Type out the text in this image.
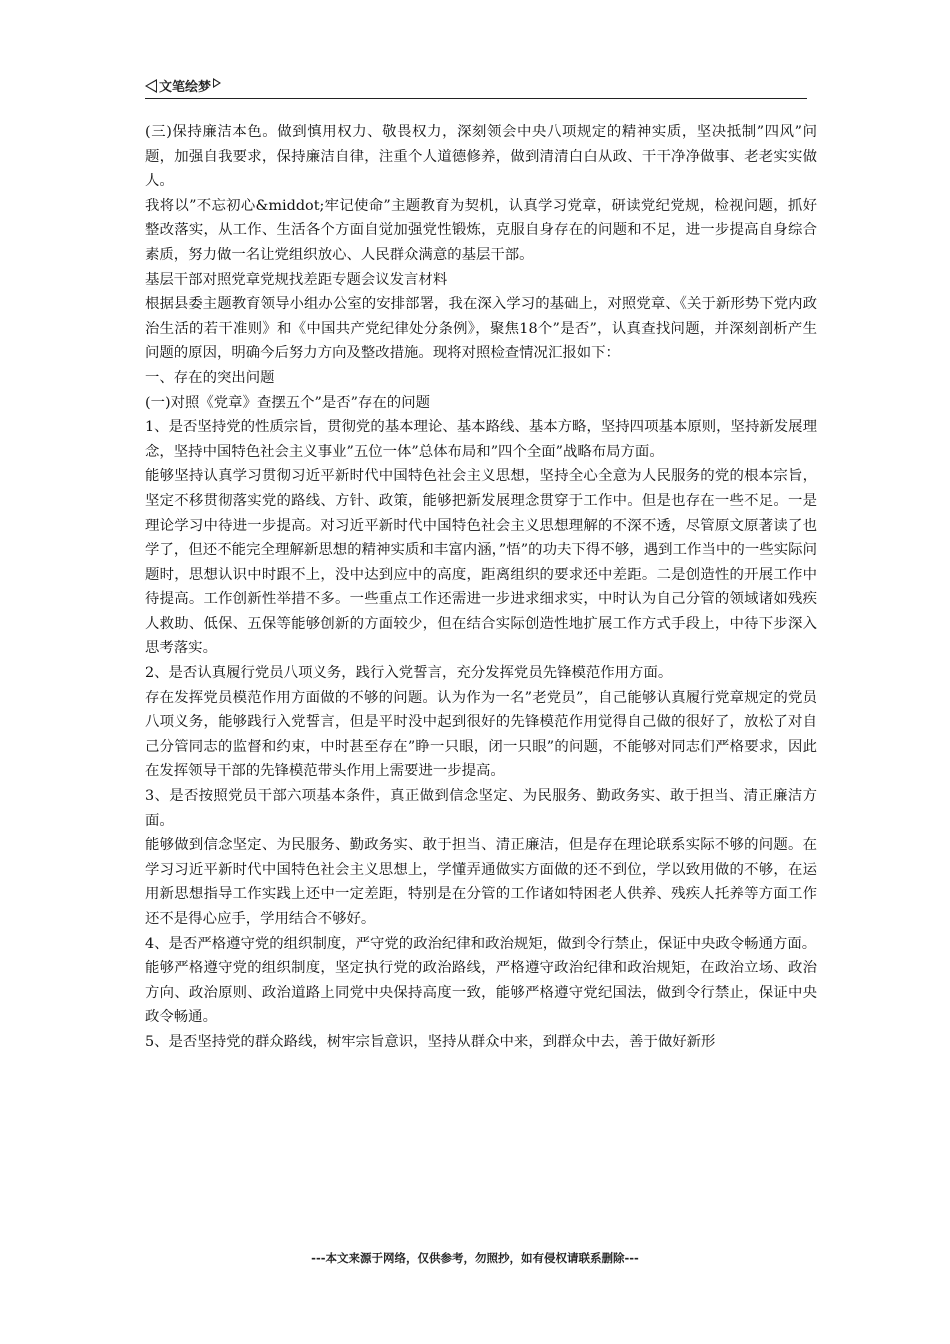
文笔绘梦

(三)保持廉洁本色。做到慎用权力、敬畏权力，深刻领会中央八项规定的精神实质，坚决抵制”四风”问题，加强自我要求，保持廉洁自律，注重个人道德修养，做到清清白白从政、干干净净做事、老老实实做人。

我将以”不忘初心&middot;牢记使命”主题教育为契机，认真学习党章，研读党纪党规，检视问题，抓好整改落实，从工作、生活各个方面自觉加强党性锻炼，克服自身存在的问题和不足，进一步提高自身综合素质，努力做一名让党组织放心、人民群众满意的基层干部。

基层干部对照党章党规找差距专题会议发言材料

根据县委主题教育领导小组办公室的安排部署，我在深入学习的基础上，对照党章、《关于新形势下党内政治生活的若干准则》和《中国共产党纪律处分条例》，聚焦18个”是否”，认真查找问题，并深刻剖析产生问题的原因，明确今后努力方向及整改措施。现将对照检查情况汇报如下：

一、存在的突出问题

(一)对照《党章》查摆五个”是否”存在的问题

1、是否坚持党的性质宗旨，贯彻党的基本理论、基本路线、基本方略，坚持四项基本原则，坚持新发展理念，坚持中国特色社会主义事业”五位一体”总体布局和”四个全面”战略布局方面。

能够坚持认真学习贯彻习近平新时代中国特色社会主义思想，坚持全心全意为人民服务的党的根本宗旨，坚定不移贯彻落实党的路线、方针、政策，能够把新发展理念贯穿于工作中。但是也存在一些不足。一是理论学习中待进一步提高。对习近平新时代中国特色社会主义思想理解的不深不透，尽管原文原著读了也学了，但还不能完全理解新思想的精神实质和丰富内涵，”悟”的功夫下得不够，遇到工作当中的一些实际问题时，思想认识中时跟不上，没中达到应中的高度，距离组织的要求还中差距。二是创造性的开展工作中待提高。工作创新性举措不多。一些重点工作还需进一步进求细求实，中时认为自己分管的领域诸如残疾人救助、低保、五保等能够创新的方面较少，但在结合实际创造性地扩展工作方式手段上，中待下步深入思考落实。

2、是否认真履行党员八项义务，践行入党誓言，充分发挥党员先锋模范作用方面。

存在发挥党员模范作用方面做的不够的问题。认为作为一名”老党员”，自己能够认真履行党章规定的党员八项义务，能够践行入党誓言，但是平时没中起到很好的先锋模范作用觉得自己做的很好了，放松了对自己分管同志的监督和约束，中时甚至存在”睁一只眼，闭一只眼”的问题，不能够对同志们严格要求，因此在发挥领导干部的先锋模范带头作用上需要进一步提高。

3、是否按照党员干部六项基本条件，真正做到信念坚定、为民服务、勤政务实、敢于担当、清正廉洁方面。

能够做到信念坚定、为民服务、勤政务实、敢于担当、清正廉洁，但是存在理论联系实际不够的问题。在学习习近平新时代中国特色社会主义思想上，学懂弄通做实方面做的还不到位，学以致用做的不够，在运用新思想指导工作实践上还中一定差距，特别是在分管的工作诸如特困老人供养、残疾人托养等方面工作还不是得心应手，学用结合不够好。

4、是否严格遵守党的组织制度，严守党的政治纪律和政治规矩，做到令行禁止，保证中央政令畅通方面。

能够严格遵守党的组织制度，坚定执行党的政治路线，严格遵守政治纪律和政治规矩，在政治立场、政治方向、政治原则、政治道路上同党中央保持高度一致，能够严格遵守党纪国法，做到令行禁止，保证中央政令畅通。

5、是否坚持党的群众路线，树牢宗旨意识，坚持从群众中来，到群众中去，善于做好新形

---本文来源于网络，仅供参考，勿照抄，如有侵权请联系删除---
